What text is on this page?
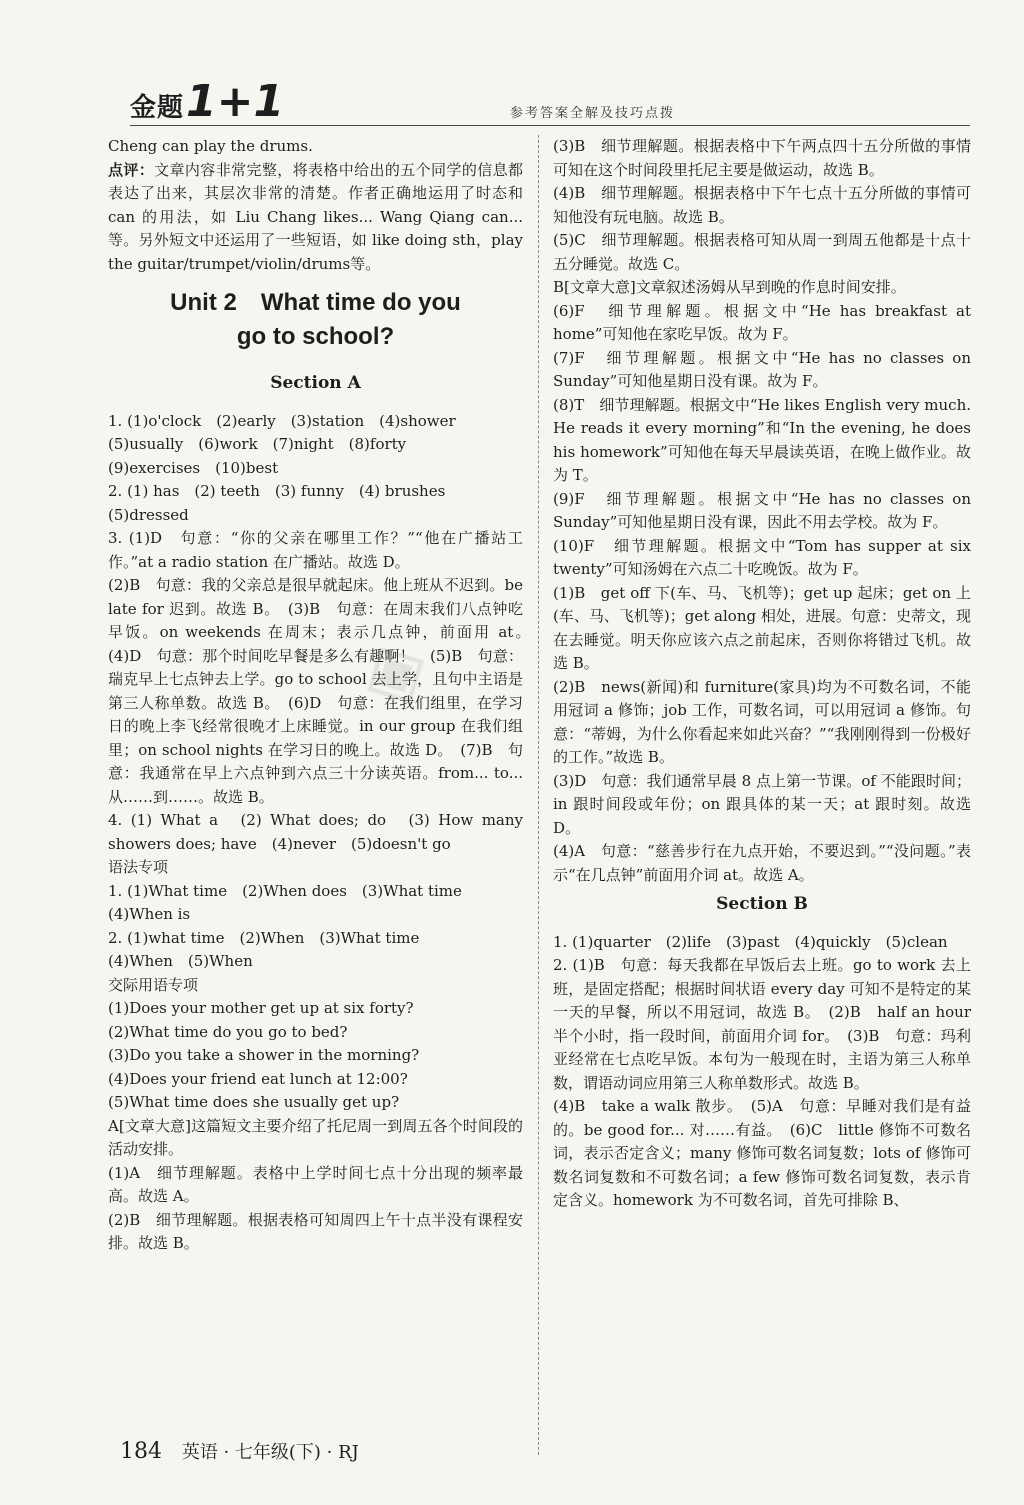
金题1+1	参考答案全解及技巧点拨
◈

Cheng can play the drums.

点评：文章内容非常完整，将表格中给出的五个同学的信息都表达了出来，其层次非常的清楚。作者正确地运用了时态和 can 的用法，如 Liu Chang likes... Wang Qiang can... 等。另外短文中还运用了一些短语，如 like doing sth，play the guitar/trumpet/violin/drums等。

Unit 2　What time do you
go to school?
Section A

1. (1)o'clock　(2)early　(3)station　(4)shower

(5)usually　(6)work　(7)night　(8)forty

(9)exercises　(10)best

2. (1) has　(2) teeth　(3) funny　(4) brushes

(5)dressed

3. (1)D　句意：“你的父亲在哪里工作？”“他在广播站工作。”at a radio station 在广播站。故选 D。

(2)B　句意：我的父亲总是很早就起床。他上班从不迟到。be late for 迟到。故选 B。　(3)B　句意：在周末我们八点钟吃早饭。on weekends 在周末；表示几点钟，前面用 at。　(4)D　句意：那个时间吃早餐是多么有趣啊！　(5)B　句意：瑞克早上七点钟去上学。go to school 去上学，且句中主语是第三人称单数。故选 B。　(6)D　句意：在我们组里，在学习日的晚上李飞经常很晚才上床睡觉。in our group 在我们组里；on school nights 在学习日的晚上。故选 D。　(7)B　句意：我通常在早上六点钟到六点三十分读英语。from... to... 从……到……。故选 B。

4. (1) What a　(2) What does; do　(3) How many showers does; have　(4)never　(5)doesn't go

语法专项

1. (1)What time　(2)When does　(3)What time

(4)When is

2. (1)what time　(2)When　(3)What time

(4)When　(5)When

交际用语专项

(1)Does your mother get up at six forty?

(2)What time do you go to bed?

(3)Do you take a shower in the morning?

(4)Does your friend eat lunch at 12:00?

(5)What time does she usually get up?

A[文章大意]这篇短文主要介绍了托尼周一到周五各个时间段的活动安排。

(1)A　细节理解题。表格中上学时间七点十分出现的频率最高。故选 A。

(2)B　细节理解题。根据表格可知周四上午十点半没有课程安排。故选 B。

(3)B　细节理解题。根据表格中下午两点四十五分所做的事情可知在这个时间段里托尼主要是做运动，故选 B。

(4)B　细节理解题。根据表格中下午七点十五分所做的事情可知他没有玩电脑。故选 B。

(5)C　细节理解题。根据表格可知从周一到周五他都是十点十五分睡觉。故选 C。

B[文章大意]文章叙述汤姆从早到晚的作息时间安排。

(6)F　细节理解题。根据文中“He has breakfast at home”可知他在家吃早饭。故为 F。

(7)F　细节理解题。根据文中“He has no classes on Sunday”可知他星期日没有课。故为 F。

(8)T　细节理解题。根据文中“He likes English very much. He reads it every morning”和“In the evening, he does his homework”可知他在每天早晨读英语，在晚上做作业。故为 T。

(9)F　细节理解题。根据文中“He has no classes on Sunday”可知他星期日没有课，因此不用去学校。故为 F。

(10)F　细节理解题。根据文中“Tom has supper at six twenty”可知汤姆在六点二十吃晚饭。故为 F。

(1)B　get off 下(车、马、飞机等)；get up 起床；get on 上(车、马、飞机等)；get along 相处，进展。句意：史蒂文，现在去睡觉。明天你应该六点之前起床，否则你将错过飞机。故选 B。

(2)B　news(新闻)和 furniture(家具)均为不可数名词，不能用冠词 a 修饰；job 工作，可数名词，可以用冠词 a 修饰。句意：“蒂姆，为什么你看起来如此兴奋？”“我刚刚得到一份极好的工作。”故选 B。

(3)D　句意：我们通常早晨 8 点上第一节课。of 不能跟时间；in 跟时间段或年份；on 跟具体的某一天；at 跟时刻。故选 D。

(4)A　句意：“慈善步行在九点开始，不要迟到。”“没问题。”表示“在几点钟”前面用介词 at。故选 A。

Section B

1. (1)quarter　(2)life　(3)past　(4)quickly　(5)clean

2. (1)B　句意：每天我都在早饭后去上班。go to work 去上班，是固定搭配；根据时间状语 every day 可知不是特定的某一天的早餐，所以不用冠词，故选 B。　(2)B　half an hour 半个小时，指一段时间，前面用介词 for。　(3)B　句意：玛利亚经常在七点吃早饭。本句为一般现在时，主语为第三人称单数，谓语动词应用第三人称单数形式。故选 B。

(4)B　take a walk 散步。　(5)A　句意：早睡对我们是有益的。be good for... 对……有益。　(6)C　little 修饰不可数名词，表示否定含义；many 修饰可数名词复数；lots of 修饰可数名词复数和不可数名词；a few 修饰可数名词复数，表示肯定含义。homework 为不可数名词，首先可排除 B、

184 英语 · 七年级(下) · RJ
